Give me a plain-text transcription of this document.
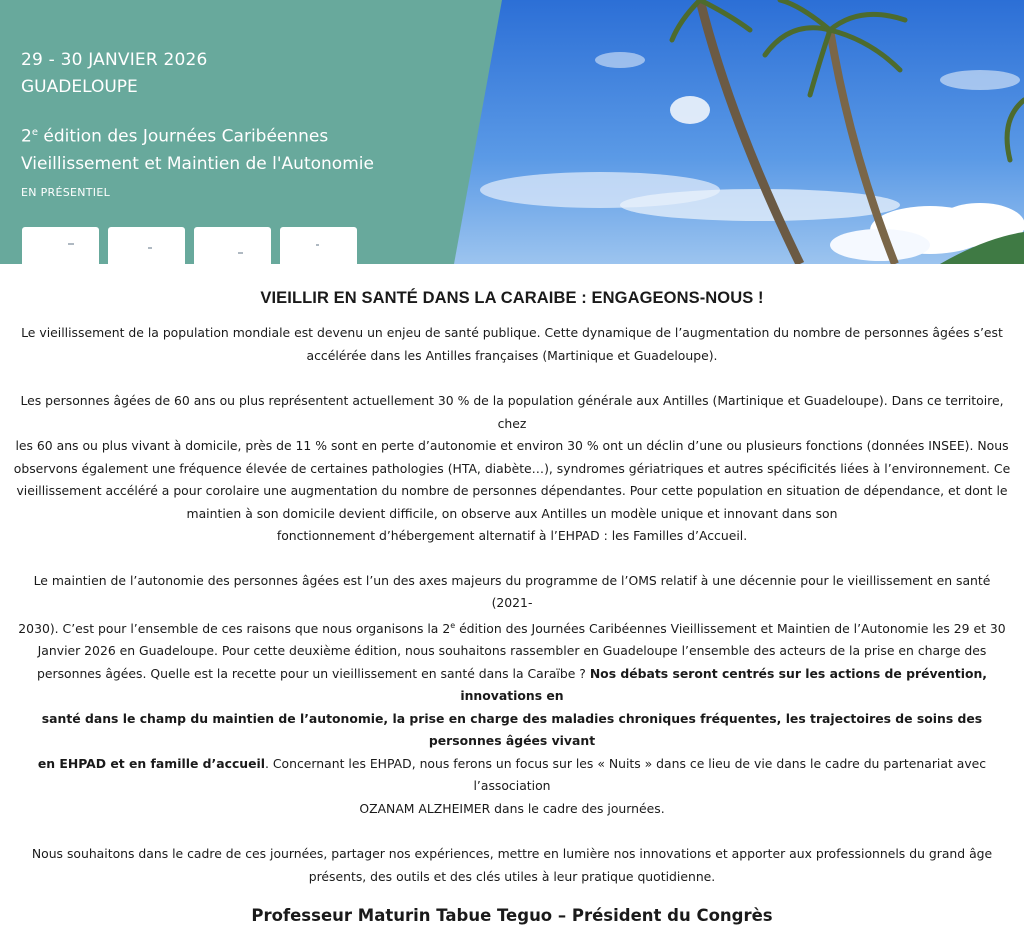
29 - 30 JANVIER 2026
GUADELOUPE
2e édition des Journées Caribéennes
Vieillissement et Maintien de l'Autonomie
EN PRÉSENTIEL
VIEILLIR EN SANTÉ DANS LA CARAIBE : ENGAGEONS-NOUS !
Le vieillissement de la population mondiale est devenu un enjeu de santé publique. Cette dynamique de l’augmentation du nombre de personnes âgées s’est
accélérée dans les Antilles françaises (Martinique et Guadeloupe).
Les personnes âgées de 60 ans ou plus représentent actuellement 30 % de la population générale aux Antilles (Martinique et Guadeloupe). Dans ce territoire, chez
les 60 ans ou plus vivant à domicile, près de 11 % sont en perte d’autonomie et environ 30 % ont un déclin d’une ou plusieurs fonctions (données INSEE). Nous
observons également une fréquence élevée de certaines pathologies (HTA, diabète…), syndromes gériatriques et autres spécificités liées à l’environnement. Ce
vieillissement accéléré a pour corolaire une augmentation du nombre de personnes dépendantes. Pour cette population en situation de dépendance, et dont le
maintien à son domicile devient difficile, on observe aux Antilles un modèle unique et innovant dans son
fonctionnement d’hébergement alternatif à l’EHPAD : les Familles d’Accueil.
Le maintien de l’autonomie des personnes âgées est l’un des axes majeurs du programme de l’OMS relatif à une décennie pour le vieillissement en santé (2021-
2030). C’est pour l’ensemble de ces raisons que nous organisons la 2e édition des Journées Caribéennes Vieillissement et Maintien de l’Autonomie les 29 et 30
Janvier 2026 en Guadeloupe. Pour cette deuxième édition, nous souhaitons rassembler en Guadeloupe l’ensemble des acteurs de la prise en charge des
personnes âgées. Quelle est la recette pour un vieillissement en santé dans la Caraïbe ? Nos débats seront centrés sur les actions de prévention, innovations en
santé dans le champ du maintien de l’autonomie, la prise en charge des maladies chroniques fréquentes, les trajectoires de soins des personnes âgées vivant
en EHPAD et en famille d’accueil. Concernant les EHPAD, nous ferons un focus sur les « Nuits » dans ce lieu de vie dans le cadre du partenariat avec l’association
OZANAM ALZHEIMER dans le cadre des journées.
Nous souhaitons dans le cadre de ces journées, partager nos expériences, mettre en lumière nos innovations et apporter aux professionnels du grand âge
présents, des outils et des clés utiles à leur pratique quotidienne.
Professeur Maturin Tabue Teguo – Président du Congrès
